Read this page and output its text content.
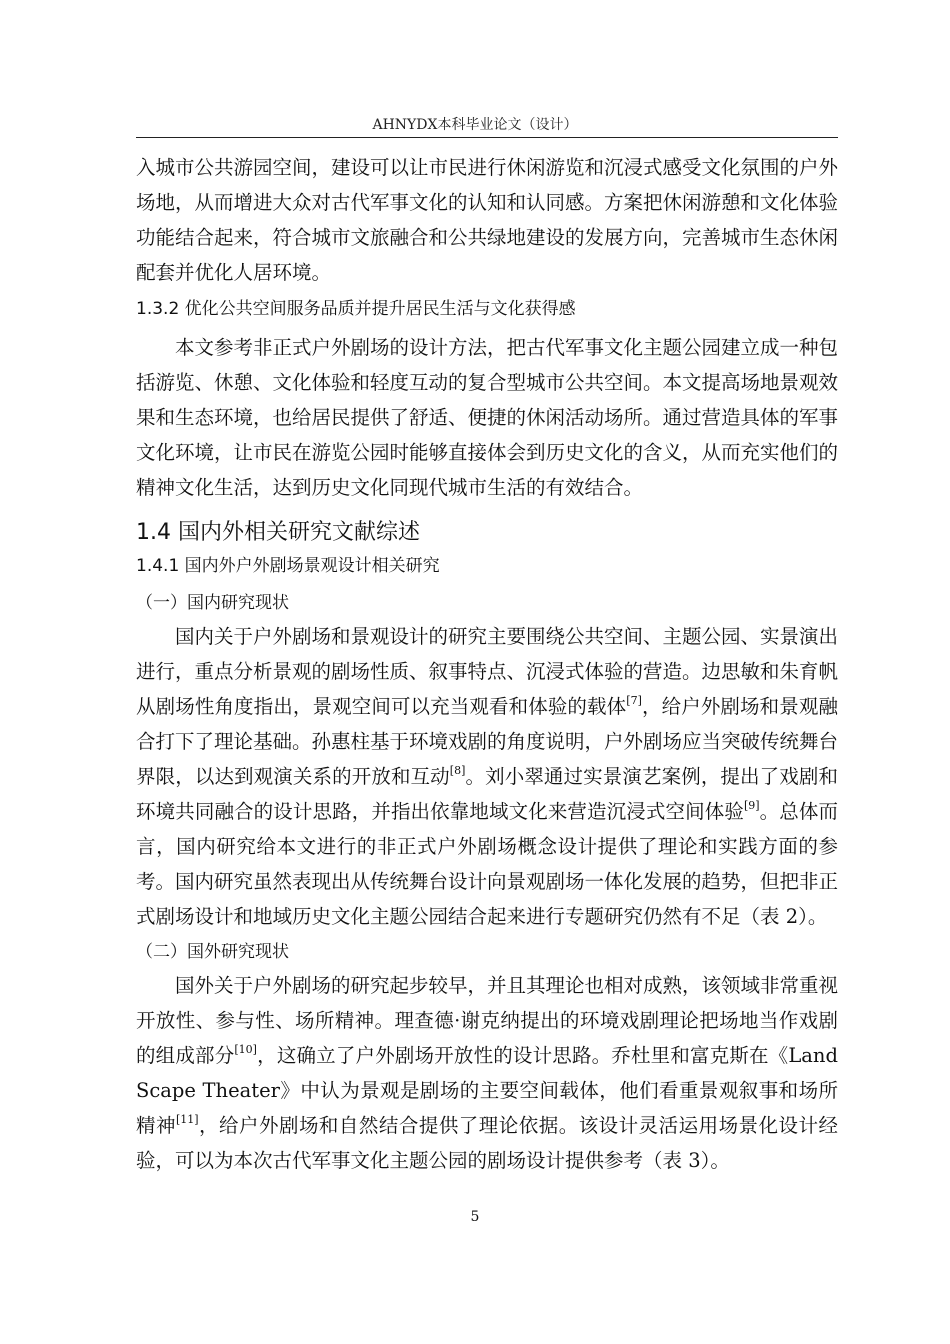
AHNYDX本科毕业论文（设计）

入城市公共游园空间，建设可以让市民进行休闲游览和沉浸式感受文化氛围的户外场地，从而增进大众对古代军事文化的认知和认同感。方案把休闲游憩和文化体验功能结合起来，符合城市文旅融合和公共绿地建设的发展方向，完善城市生态休闲配套并优化人居环境。

1.3.2 优化公共空间服务品质并提升居民生活与文化获得感

本文参考非正式户外剧场的设计方法，把古代军事文化主题公园建立成一种包括游览、休憩、文化体验和轻度互动的复合型城市公共空间。本文提高场地景观效果和生态环境，也给居民提供了舒适、便捷的休闲活动场所。通过营造具体的军事文化环境，让市民在游览公园时能够直接体会到历史文化的含义，从而充实他们的精神文化生活，达到历史文化同现代城市生活的有效结合。

1.4 国内外相关研究文献综述
1.4.1 国内外户外剧场景观设计相关研究
（一）国内研究现状

国内关于户外剧场和景观设计的研究主要围绕公共空间、主题公园、实景演出进行，重点分析景观的剧场性质、叙事特点、沉浸式体验的营造。边思敏和朱育帆从剧场性角度指出，景观空间可以充当观看和体验的载体[7]，给户外剧场和景观融合打下了理论基础。孙惠柱基于环境戏剧的角度说明，户外剧场应当突破传统舞台界限，以达到观演关系的开放和互动[8]。刘小翠通过实景演艺案例，提出了戏剧和环境共同融合的设计思路，并指出依靠地域文化来营造沉浸式空间体验[9]。总体而言，国内研究给本文进行的非正式户外剧场概念设计提供了理论和实践方面的参考。国内研究虽然表现出从传统舞台设计向景观剧场一体化发展的趋势，但把非正式剧场设计和地域历史文化主题公园结合起来进行专题研究仍然有不足（表 2）。

（二）国外研究现状

国外关于户外剧场的研究起步较早，并且其理论也相对成熟，该领域非常重视开放性、参与性、场所精神。理查德·谢克纳提出的环境戏剧理论把场地当作戏剧的组成部分[10]，这确立了户外剧场开放性的设计思路。乔杜里和富克斯在《Land Scape Theater》中认为景观是剧场的主要空间载体，他们看重景观叙事和场所精神[11]，给户外剧场和自然结合提供了理论依据。该设计灵活运用场景化设计经验，可以为本次古代军事文化主题公园的剧场设计提供参考（表 3）。

5
